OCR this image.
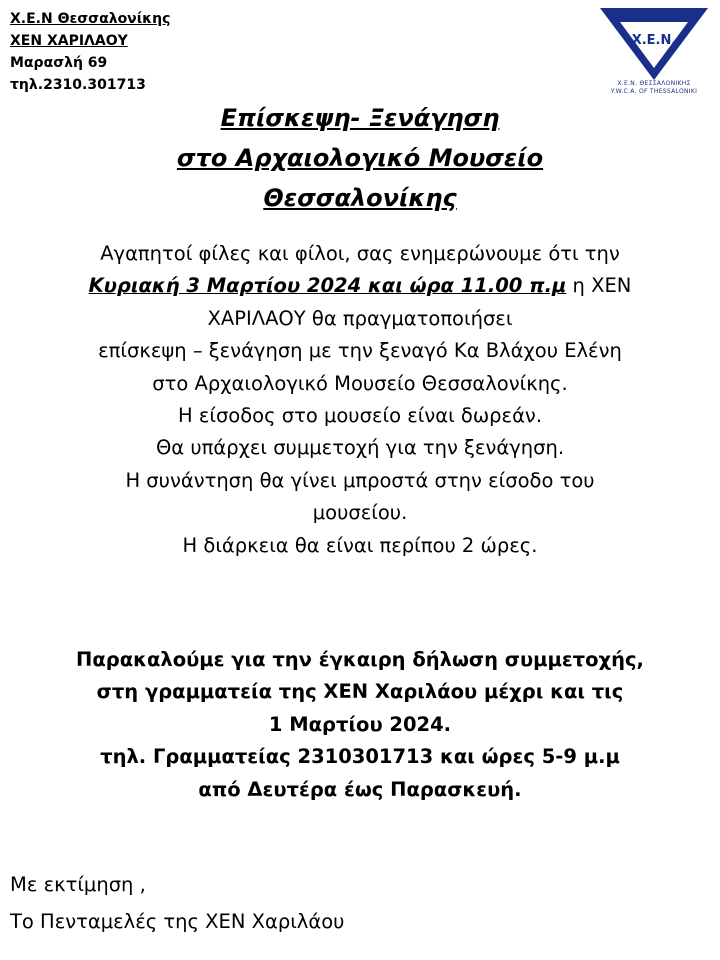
Χ.Ε.Ν Θεσσαλονίκης
ΧΕΝ ΧΑΡΙΛΑΟΥ
Μαρασλή 69
τηλ.2310.301713
X.E.N.
Χ.Ε.Ν. ΘΕΣΣΑΛΟΝΙΚΗΣ
Y.W.C.A. OF THESSALONIKI
Επίσκεψη- Ξενάγηση
στο Αρχαιολογικό Μουσείο
Θεσσαλονίκης
Αγαπητοί φίλες και φίλοι, σας ενημερώνουμε ότι την
Κυριακή 3 Μαρτίου 2024 και ώρα 11.00 π.μ η ΧΕΝ
ΧΑΡΙΛΑΟΥ θα πραγματοποιήσει
επίσκεψη – ξενάγηση με την ξεναγό Κα Βλάχου Ελένη
στο Αρχαιολογικό Μουσείο Θεσσαλονίκης.
Η είσοδος στο μουσείο είναι δωρεάν.
Θα υπάρχει συμμετοχή για την ξενάγηση.
Η συνάντηση θα γίνει μπροστά στην είσοδο του
μουσείου.
Η διάρκεια θα είναι περίπου 2 ώρες.
Παρακαλούμε για την έγκαιρη δήλωση συμμετοχής,
στη γραμματεία της ΧΕΝ Χαριλάου μέχρι και τις
1 Μαρτίου 2024.
τηλ. Γραμματείας 2310301713 και ώρες 5-9 μ.μ
από Δευτέρα έως Παρασκευή.
Με εκτίμηση ,
Το Πενταμελές της ΧΕΝ Χαριλάου
